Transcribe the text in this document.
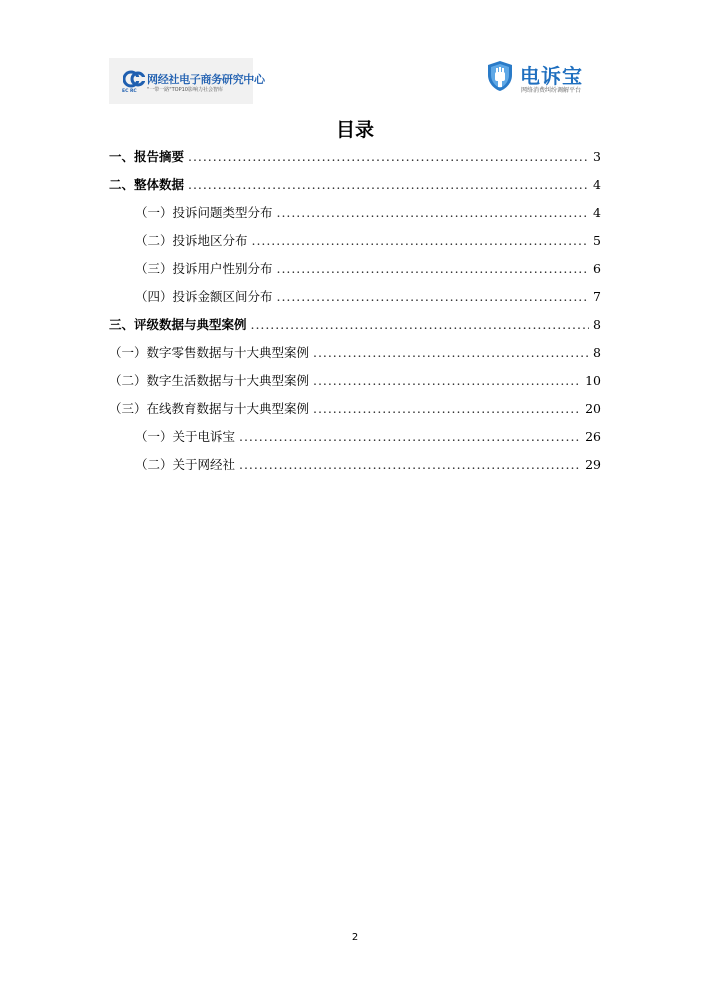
网经社电子商务研究中心
"一带一路"TOP10影响力社会智库
EC RC
电诉宝
网络消费纠纷调解平台
目录
一、报告摘要 . . .	3
二、整体数据 . . .	4
（一）投诉问题类型分布 . . .	4
（二）投诉地区分布 . . .	5
（三）投诉用户性别分布 . . .	6
（四）投诉金额区间分布 . . .	7
三、评级数据与典型案例 . . .	8
（一）数字零售数据与十大典型案例 . . .	8
（二）数字生活数据与十大典型案例 . . .	10
（三）在线教育数据与十大典型案例 . . .	20
（一）关于电诉宝 . . .	26
（二）关于网经社 . . .	29
2
